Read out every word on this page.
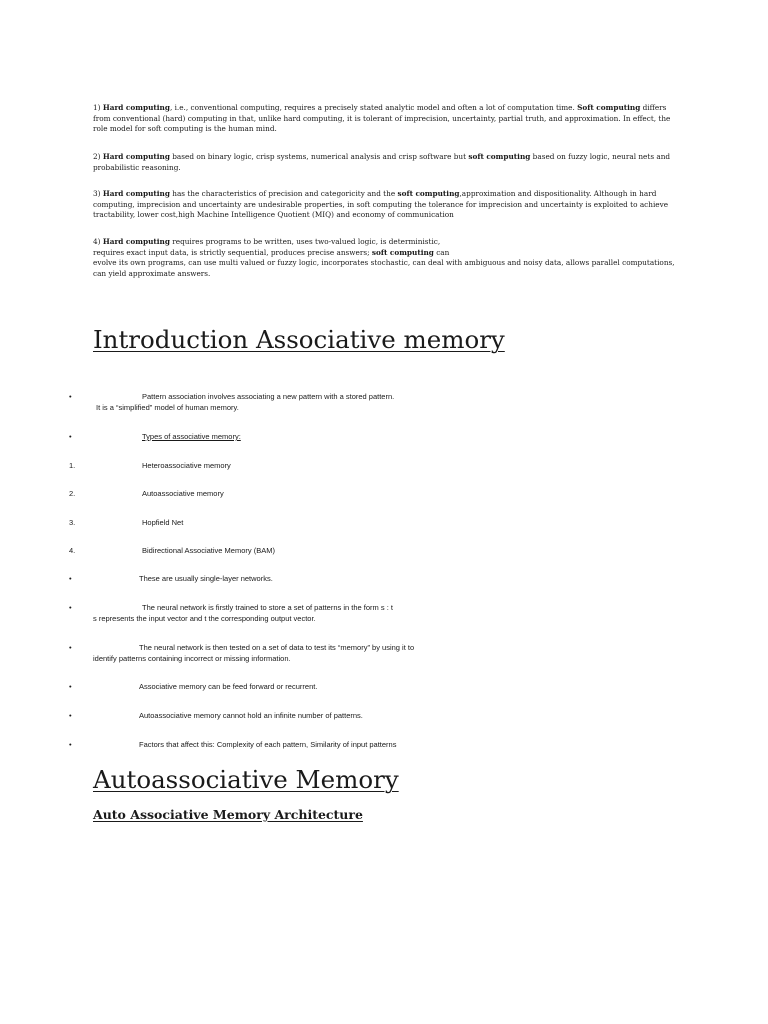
1) Hard computing, i.e., conventional computing, requires a precisely stated analytic model and often a lot of computation time. Soft computing differs from conventional (hard) computing in that, unlike hard computing, it is tolerant of imprecision, uncertainty, partial truth, and approximation. In effect, the role model for soft computing is the human mind.
2) Hard computing based on binary logic, crisp systems, numerical analysis and crisp software but soft computing based on fuzzy logic, neural nets and probabilistic reasoning.
3) Hard computing has the characteristics of precision and categoricity and the soft computing,approximation and dispositionality. Although in hard computing, imprecision and uncertainty are undesirable properties, in soft computing the tolerance for imprecision and uncertainty is exploited to achieve tractability, lower cost,high Machine Intelligence Quotient (MIQ) and economy of communication
4) Hard computing requires programs to be written, uses two-valued logic, is deterministic,
requires exact input data, is strictly sequential, produces precise answers; soft computing can
evolve its own programs, can use multi valued or fuzzy logic, incorporates stochastic, can deal with ambiguous and noisy data, allows parallel computations, can yield approximate answers.
Introduction Associative memory
•	Pattern association involves associating a new pattern with a stored pattern.
It is a “simplified” model of human memory.
•	Types of associative memory:
1.	Heteroassociative memory
2.	Autoassociative memory
3.	Hopfield Net
4.	Bidirectional Associative Memory (BAM)
•	These are usually single-layer networks.
•	The neural network is firstly trained to store a set of patterns in the form s : t
s represents the input vector and t the corresponding output vector.
•	The neural network is then tested on a set of data to test its “memory” by using it to
identify patterns containing incorrect or missing information.
•	Associative memory can be feed forward or recurrent.
•	Autoassociative memory cannot hold an infinite number of patterns.
•	Factors that affect this: Complexity of each pattern, Similarity of input patterns
Autoassociative Memory
Auto Associative Memory Architecture
